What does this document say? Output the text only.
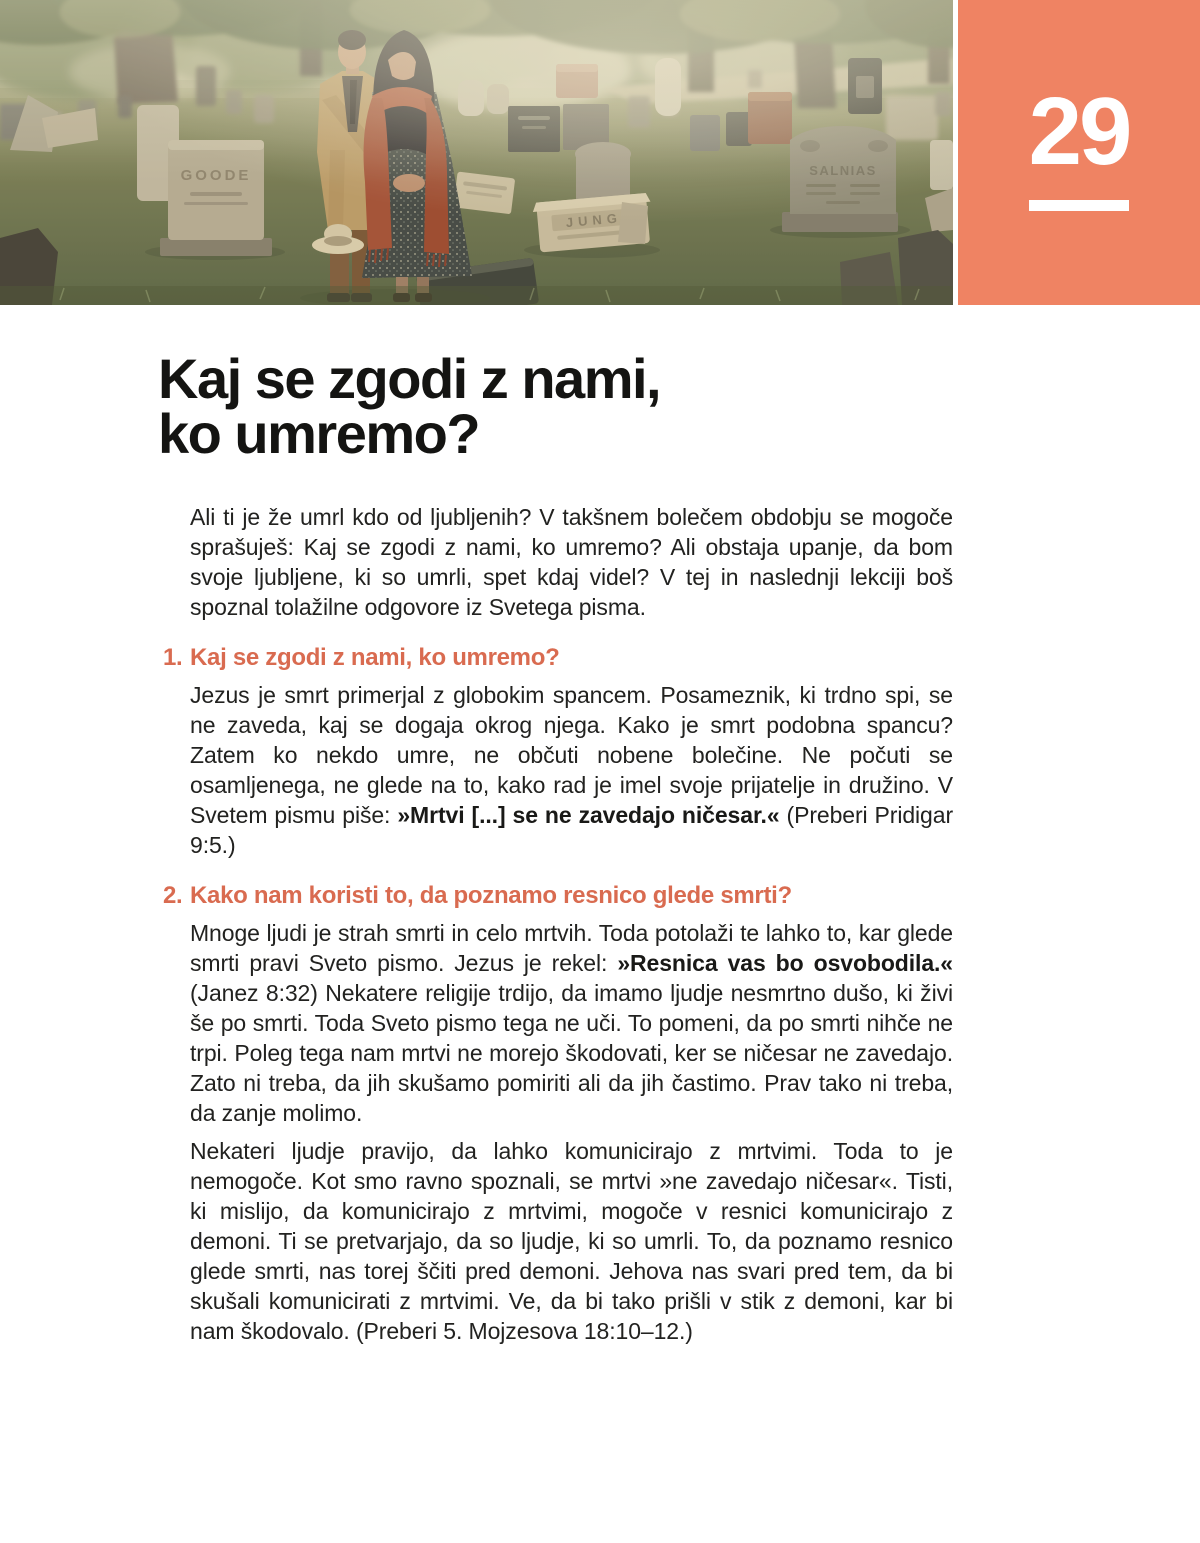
29
Kaj se zgodi z nami,
ko umremo?

Ali ti je že umrl kdo od ljubljenih? V takšnem bolečem obdobju se mogoče sprašuješ: Kaj se zgodi z nami, ko umremo? Ali obstaja upanje, da bom svoje ljubljene, ki so umrli, spet kdaj videl? V tej in naslednji lekciji boš spoznal tolažilne odgovore iz Svetega pisma.

1. Kaj se zgodi z nami, ko umremo?

Jezus je smrt primerjal z globokim spancem. Posameznik, ki trdno spi, se ne zaveda, kaj se dogaja okrog njega. Kako je smrt podobna spancu? Zatem ko nekdo umre, ne občuti nobene bolečine. Ne počuti se osamljenega, ne glede na to, kako rad je imel svoje prijatelje in družino. V Svetem pismu piše: »Mrtvi [...] se ne zavedajo ničesar.« (Preberi Pridigar 9:5.)

2. Kako nam koristi to, da poznamo resnico glede smrti?

Mnoge ljudi je strah smrti in celo mrtvih. Toda potolaži te lahko to, kar glede smrti pravi Sveto pismo. Jezus je rekel: »Resnica vas bo osvobodila.« (Janez 8:32) Nekatere religije trdijo, da imamo ljudje nesmrtno dušo, ki živi še po smrti. Toda Sveto pismo tega ne uči. To pomeni, da po smrti nihče ne trpi. Poleg tega nam mrtvi ne morejo škodovati, ker se ničesar ne zavedajo. Zato ni treba, da jih skušamo pomiriti ali da jih častimo. Prav tako ni treba, da zanje molimo.

Nekateri ljudje pravijo, da lahko komunicirajo z mrtvimi. Toda to je nemogoče. Kot smo ravno spoznali, se mrtvi »ne zavedajo ničesar«. Tisti, ki mislijo, da komunicirajo z mrtvimi, mogoče v resnici komunicirajo z demoni. Ti se pretvarjajo, da so ljudje, ki so umrli. To, da poznamo resnico glede smrti, nas torej ščiti pred demoni. Jehova nas svari pred tem, da bi skušali komunicirati z mrtvimi. Ve, da bi tako prišli v stik z demoni, kar bi nam škodovalo. (Preberi 5. Mojzesova 18:10–12.)
